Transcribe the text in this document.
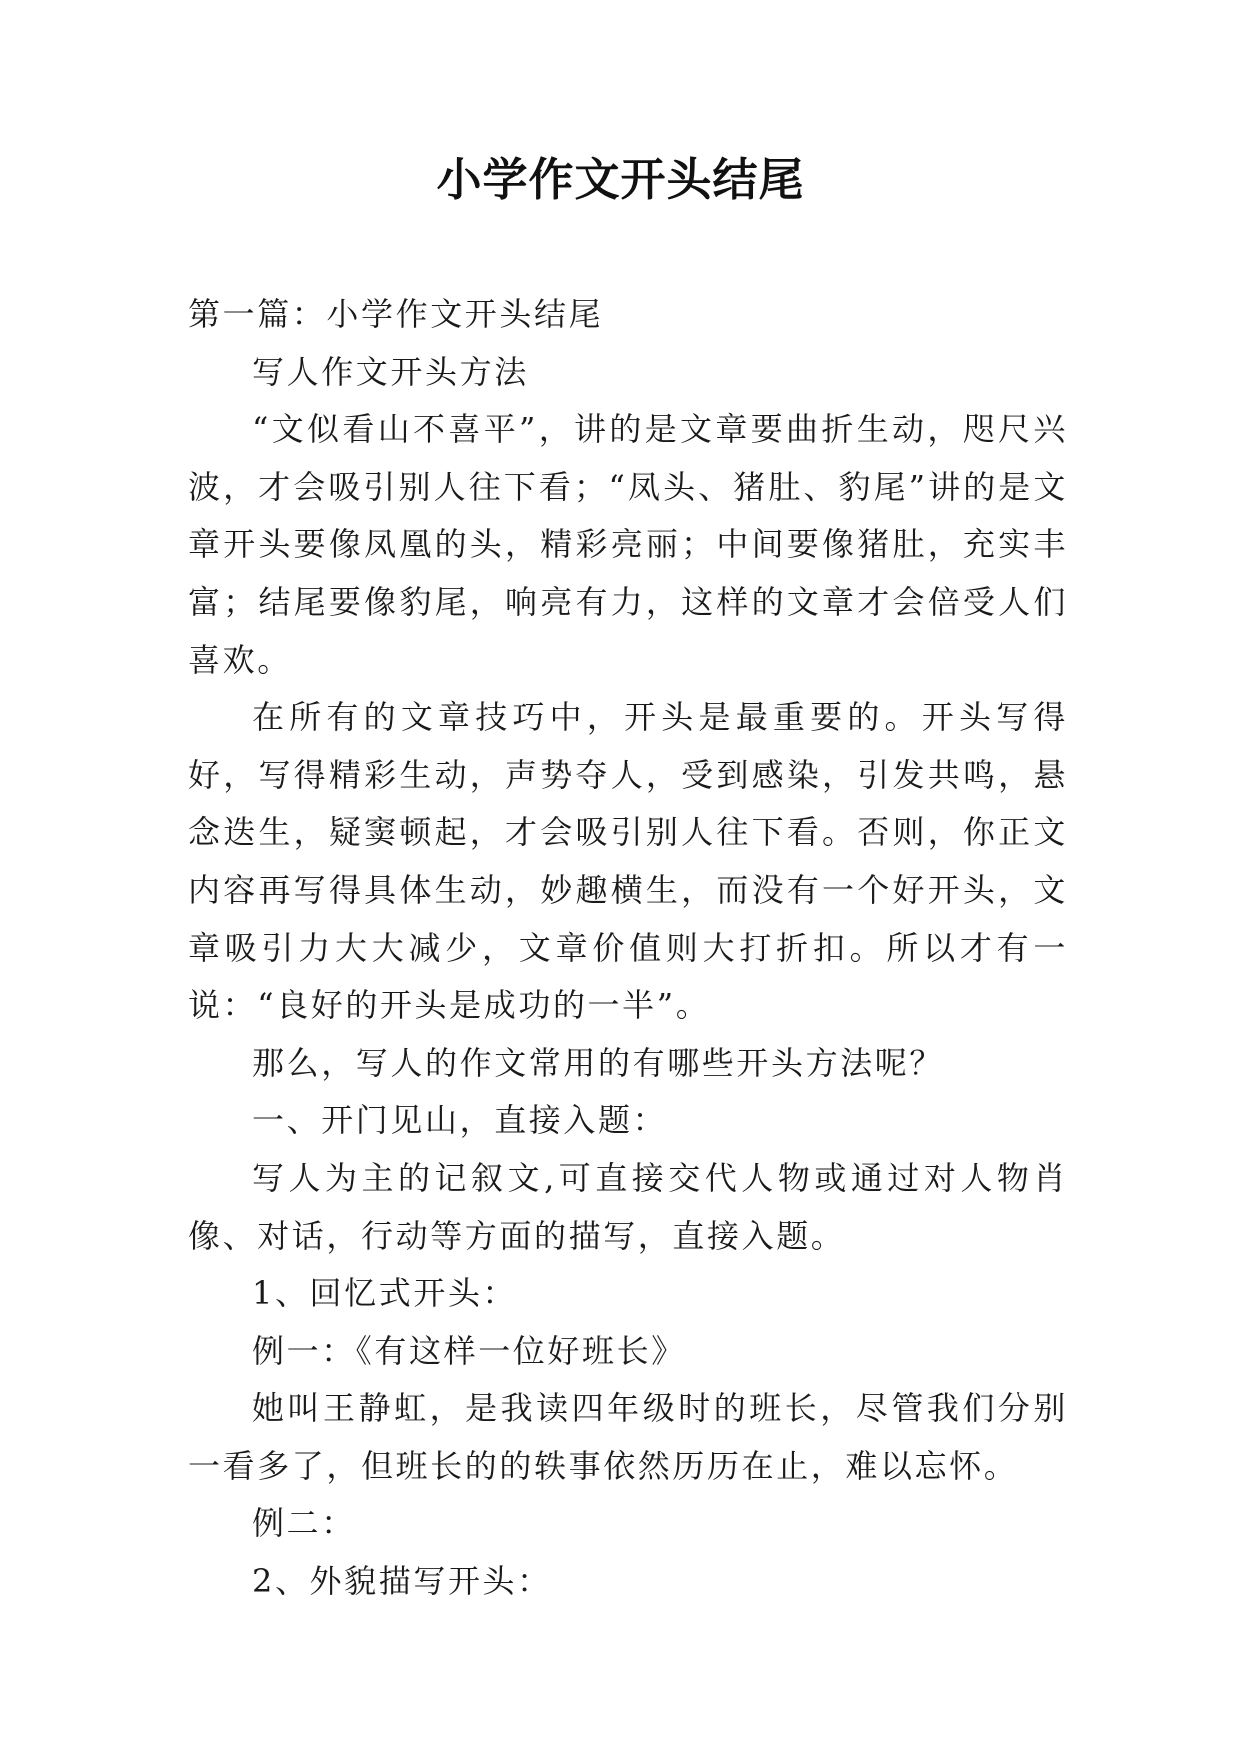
小学作文开头结尾

第一篇：小学作文开头结尾

写人作文开头方法

“文似看山不喜平”，讲的是文章要曲折生动，咫尺兴波，才会吸引别人往下看；“凤头、猪肚、豹尾”讲的是文章开头要像凤凰的头，精彩亮丽；中间要像猪肚，充实丰富；结尾要像豹尾，响亮有力，这样的文章才会倍受人们喜欢。

在所有的文章技巧中，开头是最重要的。开头写得好，写得精彩生动，声势夺人，受到感染，引发共鸣，悬念迭生，疑窦顿起，才会吸引别人往下看。否则，你正文内容再写得具体生动，妙趣横生，而没有一个好开头，文章吸引力大大减少，文章价值则大打折扣。所以才有一说：“良好的开头是成功的一半”。

那么，写人的作文常用的有哪些开头方法呢？

一、开门见山，直接入题：

写人为主的记叙文,可直接交代人物或通过对人物肖像、对话，行动等方面的描写，直接入题。

1、回忆式开头：

例一：《有这样一位好班长》

她叫王静虹，是我读四年级时的班长，尽管我们分别一看多了，但班长的的轶事依然历历在止，难以忘怀。

例二：

2、外貌描写开头：
